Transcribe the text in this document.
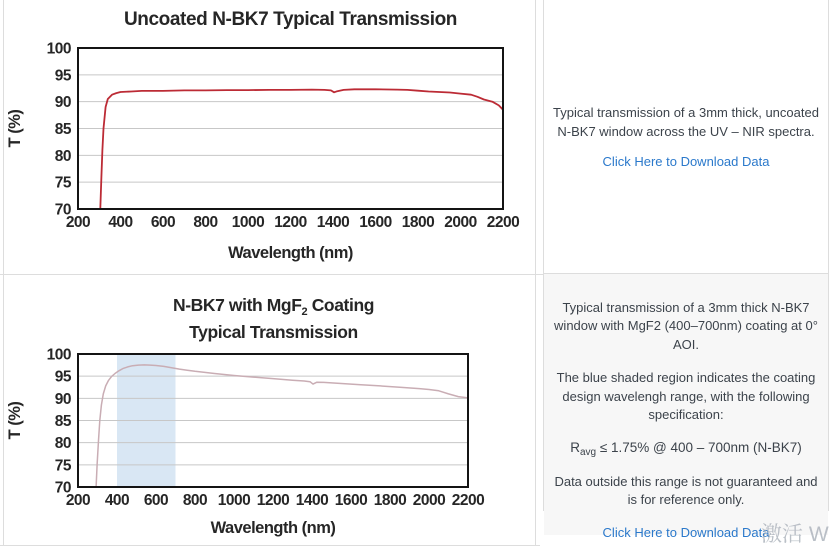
Uncoated N-BK7 Typical Transmission
N-BK7 with MgF$_2$ Coating
Typical Transmission
70
75
80
85
90
95
100
200 400 600 800 1000 1200 1400 1600 1800 2000 2200
Wavelength (nm)
T (%)
70
75
80
85
90
95
100
200 400 600 800 1000 1200 1400 1600 1800 2000 2200
Wavelength (nm)
T (%)

Typical transmission of a 3mm thick, uncoated N-BK7 window across the UV – NIR spectra.

Click Here to Download Data

Typical transmission of a 3mm thick N-BK7 window with MgF2 (400–700nm) coating at 0° AOI.

The blue shaded region indicates the coating design wavelengh range, with the following specification:

$R_{avg} \le 1.75\%$ @ 400 – 700nm (N-BK7)

Data outside this range is not guaranteed and is for reference only.

Click Here to Download Data
激活 W
